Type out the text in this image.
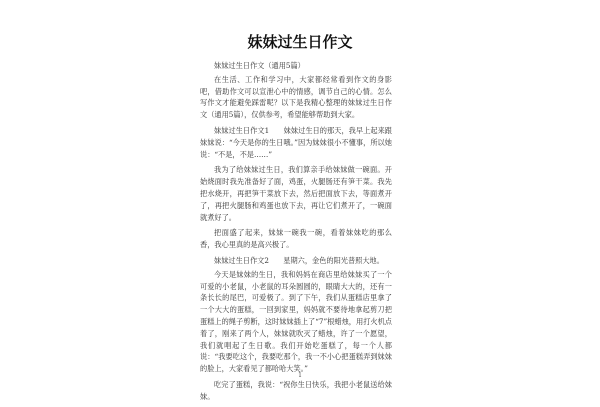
妹妹过生日作文

妹妹过生日作文（通用5篇）

在生活、工作和学习中，大家都经常看到作文的身影吧，借助作文可以宣泄心中的情感，调节自己的心情。怎么写作文才能避免踩雷呢？以下是我精心整理的妹妹过生日作文（通用5篇），仅供参考，希望能够帮助到大家。

妹妹过生日作文1　　妹妹过生日的那天，我早上起来跟妹妹说：“今天是你的生日哦。”因为妹妹很小不懂事，所以她说：“不是，不是……”

我为了给妹妹过生日，我们算亲手给妹妹做一碗面。开始烧面时我先准备好了面，鸡蛋，火腿肠还有笋干菜。我先把水烧开，再把笋干菜放下去，然后把面放下去，等面煮开了，再把火腿肠和鸡蛋也放下去，再让它们煮开了，一碗面就煮好了。

把面盛了起来，妹妹一碗我一碗，看着妹妹吃的那么香，我心里真的是高兴极了。

妹妹过生日作文2　　星期六，金色的阳光普照大地。

今天是妹妹的生日，我和妈妈在商店里给妹妹买了一个可爱的小老鼠，小老鼠的耳朵圆圆的，眼睛大大的，还有一条长长的尾巴，可爱极了。到了下午，我们从蛋糕店里拿了一个大大的蛋糕，一回到家里，妈妈就不要待地拿起剪刀把蛋糕上的绳子剪断，这时妹妹插上了“7”根蜡烛，用打火机点着了，刚来了两个人，妹妹就吹灭了蜡烛，许了一个愿望，我们就唱起了生日歌。我们开始吃蛋糕了，每一个人都说：“我要吃这个，我要吃那个，我一不小心把蛋糕弄到妹妹的脸上，大家看见了都哈哈大笑。”

吃完了蛋糕，我说：“祝你生日快乐，我把小老鼠送给妹妹。

1
